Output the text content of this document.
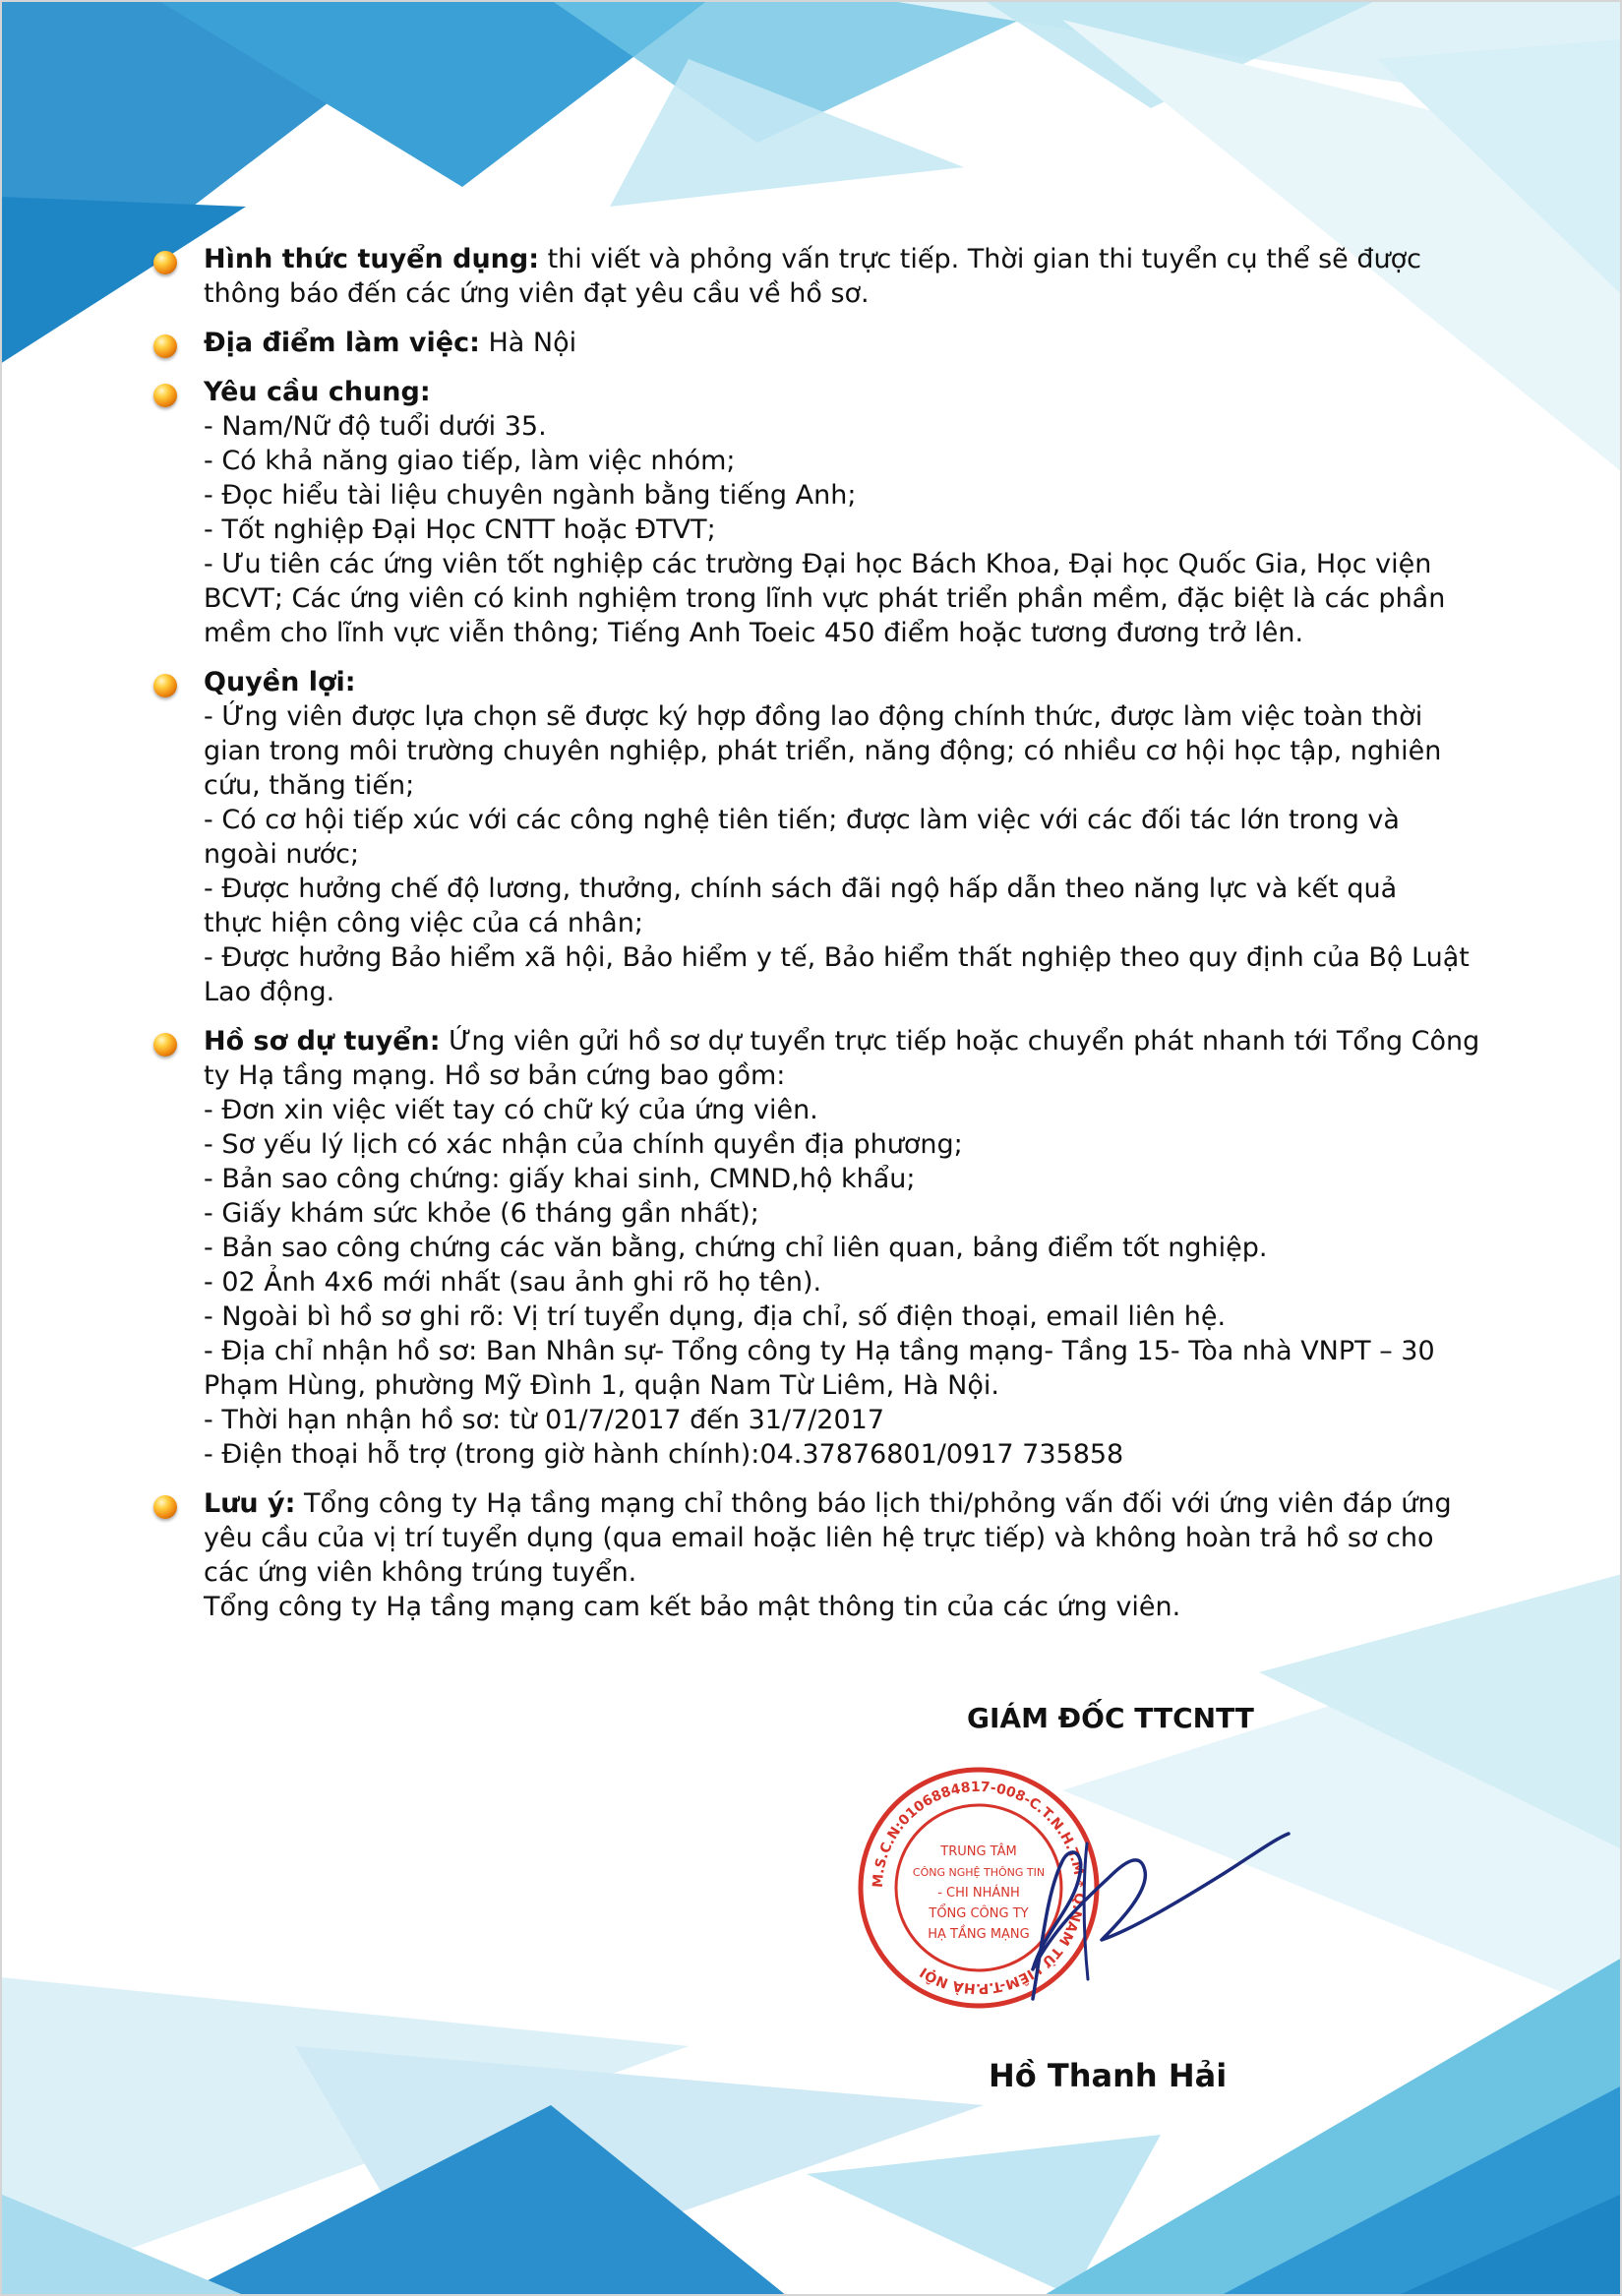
Hình thức tuyển dụng: thi viết và phỏng vấn trực tiếp. Thời gian thi tuyển cụ thể sẽ được
thông báo đến các ứng viên đạt yêu cầu về hồ sơ.
Địa điểm làm việc: Hà Nội
Yêu cầu chung:
- Nam/Nữ độ tuổi dưới 35.
- Có khả năng giao tiếp, làm việc nhóm;
- Đọc hiểu tài liệu chuyên ngành bằng tiếng Anh;
- Tốt nghiệp Đại Học CNTT hoặc ĐTVT;
- Ưu tiên các ứng viên tốt nghiệp các trường Đại học Bách Khoa, Đại học Quốc Gia, Học viện
BCVT; Các ứng viên có kinh nghiệm trong lĩnh vực phát triển phần mềm, đặc biệt là các phần
mềm cho lĩnh vực viễn thông; Tiếng Anh Toeic 450 điểm hoặc tương đương trở lên.
Quyền lợi:
- Ứng viên được lựa chọn sẽ được ký hợp đồng lao động chính thức, được làm việc toàn thời
gian trong môi trường chuyên nghiệp, phát triển, năng động; có nhiều cơ hội học tập, nghiên
cứu, thăng tiến;
- Có cơ hội tiếp xúc với các công nghệ tiên tiến; được làm việc với các đối tác lớn trong và
ngoài nước;
- Được hưởng chế độ lương, thưởng, chính sách đãi ngộ hấp dẫn theo năng lực và kết quả
thực hiện công việc của cá nhân;
- Được hưởng Bảo hiểm xã hội, Bảo hiểm y tế, Bảo hiểm thất nghiệp theo quy định của Bộ Luật
Lao động.
Hồ sơ dự tuyển: Ứng viên gửi hồ sơ dự tuyển trực tiếp hoặc chuyển phát nhanh tới Tổng Công
ty Hạ tầng mạng. Hồ sơ bản cứng bao gồm:
- Đơn xin việc viết tay có chữ ký của ứng viên.
- Sơ yếu lý lịch có xác nhận của chính quyền địa phương;
- Bản sao công chứng: giấy khai sinh, CMND,hộ khẩu;
- Giấy khám sức khỏe (6 tháng gần nhất);
- Bản sao công chứng các văn bằng, chứng chỉ liên quan, bảng điểm tốt nghiệp.
- 02 Ảnh 4x6 mới nhất (sau ảnh ghi rõ họ tên).
- Ngoài bì hồ sơ ghi rõ: Vị trí tuyển dụng, địa chỉ, số điện thoại, email liên hệ.
- Địa chỉ nhận hồ sơ: Ban Nhân sự- Tổng công ty Hạ tầng mạng- Tầng 15- Tòa nhà VNPT – 30
Phạm Hùng, phường Mỹ Đình 1, quận Nam Từ Liêm, Hà Nội.
- Thời hạn nhận hồ sơ: từ 01/7/2017 đến 31/7/2017
- Điện thoại hỗ trợ (trong giờ hành chính):04.37876801/0917 735858
Lưu ý: Tổng công ty Hạ tầng mạng chỉ thông báo lịch thi/phỏng vấn đối với ứng viên đáp ứng
yêu cầu của vị trí tuyển dụng (qua email hoặc liên hệ trực tiếp) và không hoàn trả hồ sơ cho
các ứng viên không trúng tuyển.
Tổng công ty Hạ tầng mạng cam kết bảo mật thông tin của các ứng viên.
GIÁM ĐỐC TTCNTT
M.S.C.N:0106884817-008-C.T.N.H.T.M * Q.NAM TỪ LIÊM-T.P.HÀ NỘI
TRUNG TÂM
CÔNG NGHỆ THÔNG TIN
- CHI NHÁNH
TỔNG CÔNG TY
HẠ TẦNG MẠNG
Hồ Thanh Hải
